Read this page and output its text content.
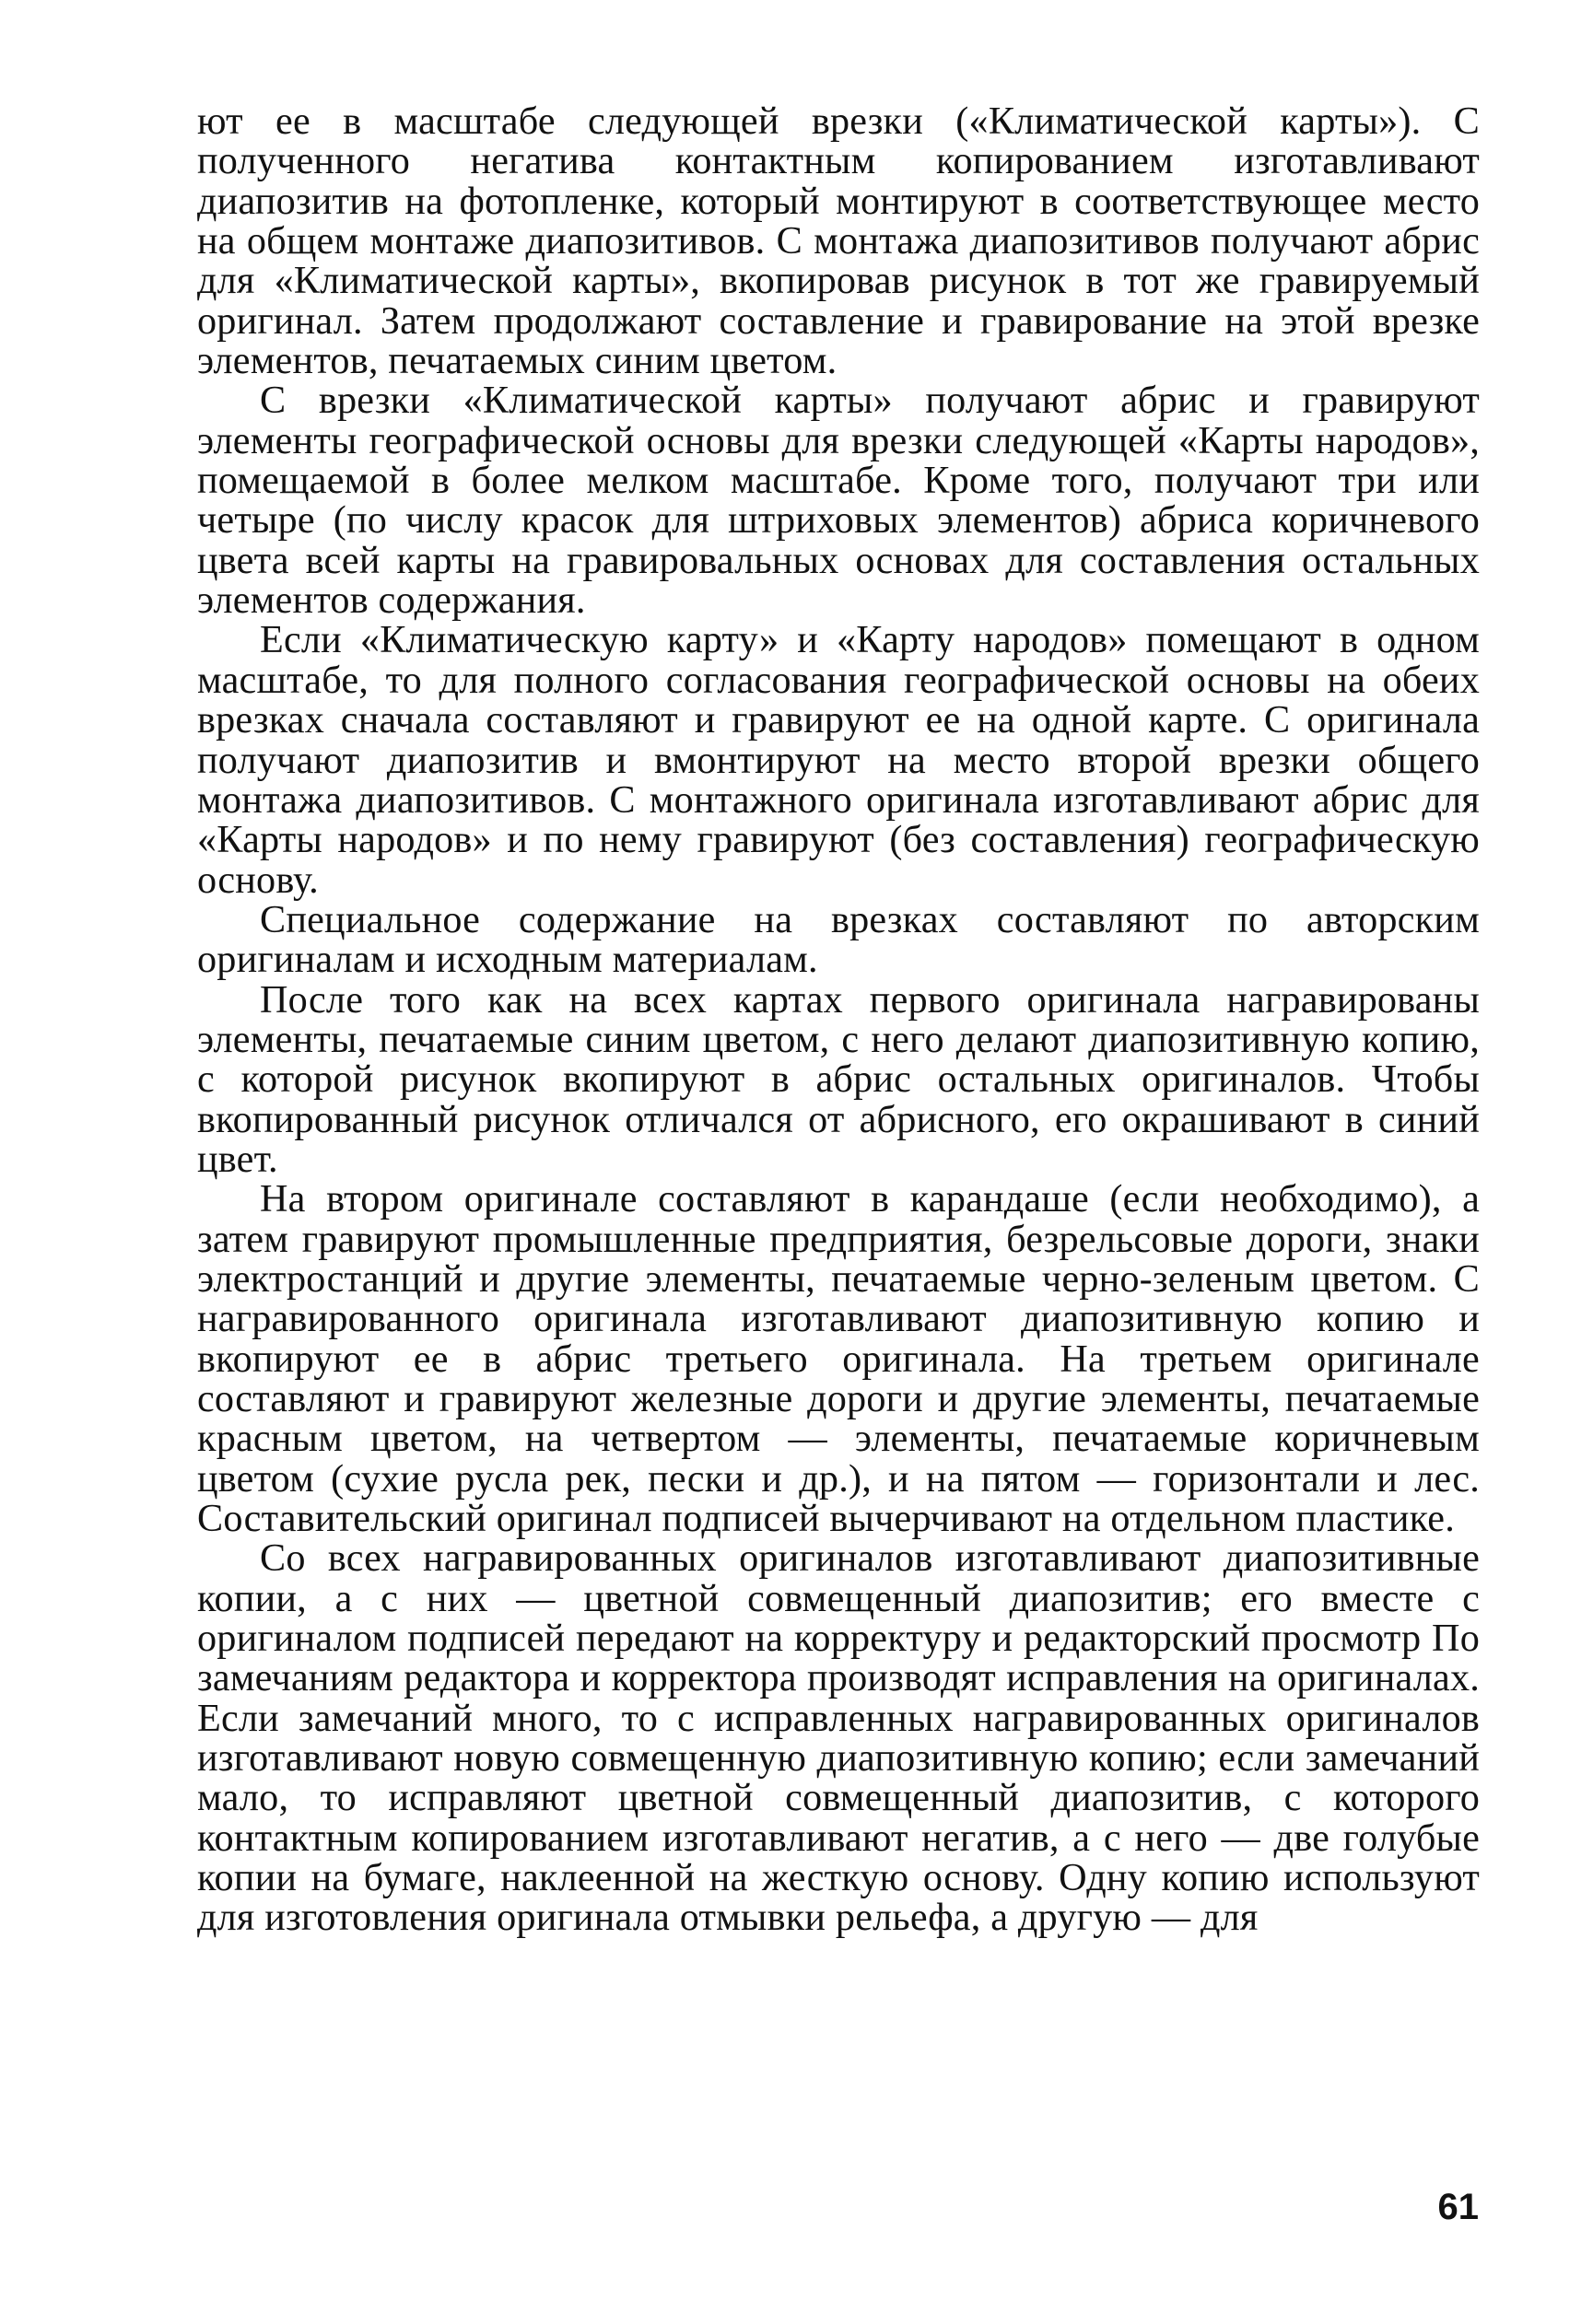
ют ее в масштабе следующей врезки («Климатической карты»). С полученного негатива контактным копированием изготавливают диапозитив на фотопленке, который монтируют в соответствующее место на общем монтаже диапозитивов. С монтажа диапозитивов получают абрис для «Климатической карты», вкопировав рисунок в тот же гравируемый оригинал. Затем продолжают составление и гравирование на этой врезке элементов, печатаемых синим цветом.

С врезки «Климатической карты» получают абрис и гравируют элементы географической основы для врезки следующей «Карты народов», помещаемой в более мелком масштабе. Кроме того, получают три или четыре (по числу красок для штриховых элементов) абриса коричневого цвета всей карты на гравировальных основах для составления остальных элементов содержания.

Если «Климатическую карту» и «Карту народов» помещают в одном масштабе, то для полного согласования географической основы на обеих врезках сначала составляют и гравируют ее на одной карте. С оригинала получают диапозитив и вмонтируют на место второй врезки общего монтажа диапозитивов. С монтажного оригинала изготавливают абрис для «Карты народов» и по нему гравируют (без составления) географическую основу.

Специальное содержание на врезках составляют по авторским оригиналам и исходным материалам.

После того как на всех картах первого оригинала награвированы элементы, печатаемые синим цветом, с него делают диапозитивную копию, с которой рисунок вкопируют в абрис остальных оригиналов. Чтобы вкопированный рисунок отличался от абрисного, его окрашивают в синий цвет.

На втором оригинале составляют в карандаше (если необходимо), а затем гравируют промышленные предприятия, безрельсовые дороги, знаки электростанций и другие элементы, печатаемые черно-зеленым цветом. С награвированного оригинала изготавливают диапозитивную копию и вкопируют ее в абрис третьего оригинала. На третьем оригинале составляют и гравируют железные дороги и другие элементы, печатаемые красным цветом, на четвертом — элементы, печатаемые коричневым цветом (сухие русла рек, пески и др.), и на пятом — горизонтали и лес. Составительский оригинал подписей вычерчивают на отдельном пластике.

Со всех награвированных оригиналов изготавливают диапозитивные копии, а с них — цветной совмещенный диапозитив; его вместе с оригиналом подписей передают на корректуру и редакторский просмотр По замечаниям редактора и корректора производят исправления на оригиналах. Если замечаний много, то с исправленных награвированных оригиналов изготавливают новую совмещенную диапозитивную копию; если замечаний мало, то исправляют цветной совмещенный диапозитив, с которого контактным копированием изготавливают негатив, а с него — две голубые копии на бумаге, наклеенной на жесткую основу. Одну копию используют для изготовления оригинала отмывки рельефа, а другую — для

61
